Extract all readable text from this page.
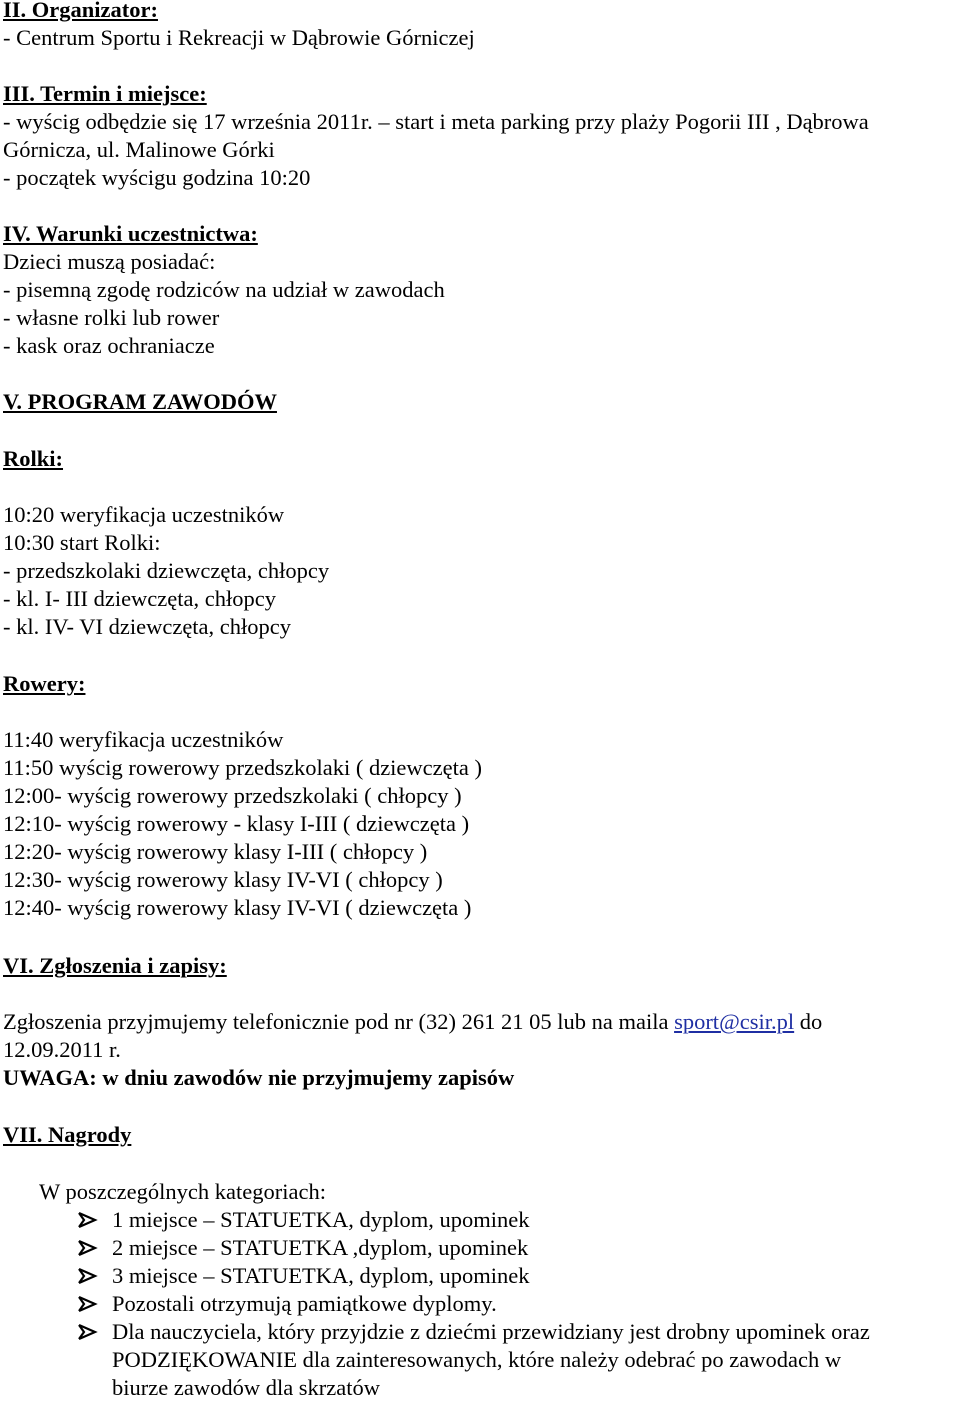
II. Organizator:
- Centrum Sportu i Rekreacji w Dąbrowie Górniczej
III. Termin i miejsce:
- wyścig odbędzie się 17 września 2011r. – start i meta parking przy plaży Pogorii III , Dąbrowa
Górnicza, ul. Malinowe Górki
- początek wyścigu godzina 10:20
IV. Warunki uczestnictwa:
Dzieci muszą posiadać:
- pisemną zgodę rodziców na udział w zawodach
- własne rolki lub rower
- kask oraz ochraniacze
V. PROGRAM ZAWODÓW
Rolki:
10:20 weryfikacja uczestników
10:30 start Rolki:
- przedszkolaki dziewczęta, chłopcy
- kl. I- III dziewczęta, chłopcy
- kl. IV- VI dziewczęta, chłopcy
Rowery:
11:40 weryfikacja uczestników
11:50 wyścig rowerowy przedszkolaki ( dziewczęta )
12:00- wyścig rowerowy przedszkolaki ( chłopcy )
12:10- wyścig rowerowy - klasy I-III ( dziewczęta )
12:20- wyścig rowerowy klasy I-III ( chłopcy )
12:30- wyścig rowerowy klasy IV-VI ( chłopcy )
12:40- wyścig rowerowy klasy IV-VI ( dziewczęta )
VI. Zgłoszenia i zapisy:
Zgłoszenia przyjmujemy telefonicznie pod nr (32) 261 21 05 lub na maila sport@csir.pl do
12.09.2011 r.
UWAGA: w dniu zawodów nie przyjmujemy zapisów
VII. Nagrody
W poszczególnych kategoriach:
1 miejsce – STATUETKA, dyplom, upominek
2 miejsce – STATUETKA ,dyplom, upominek
3 miejsce – STATUETKA, dyplom, upominek
Pozostali otrzymują pamiątkowe dyplomy.
Dla nauczyciela, który przyjdzie z dziećmi przewidziany jest drobny upominek oraz
PODZIĘKOWANIE dla zainteresowanych, które należy odebrać po zawodach w
biurze zawodów dla skrzatów
